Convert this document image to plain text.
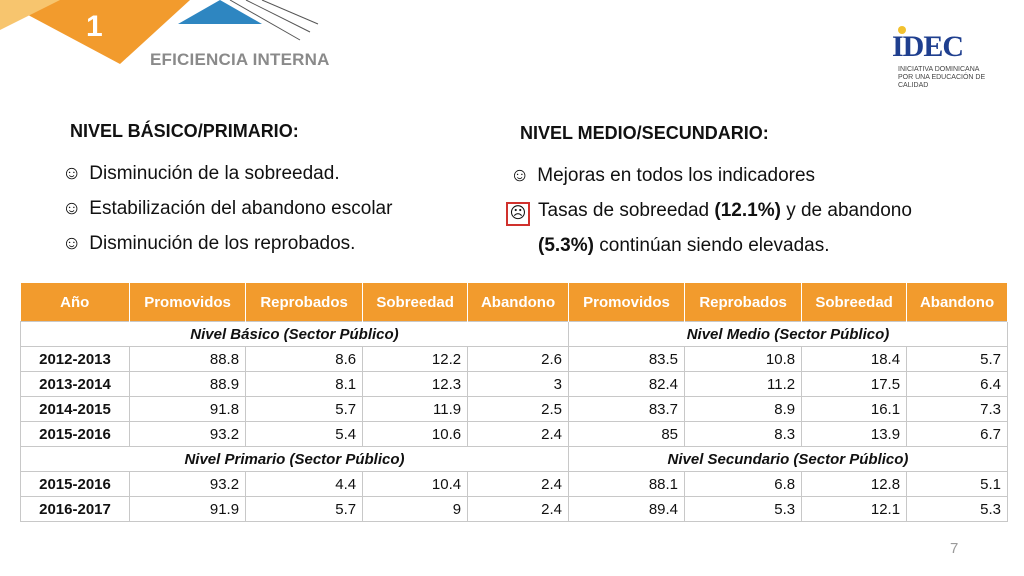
1
EFICIENCIA INTERNA	IDEC
INICIATIVA DOMINICANA
POR UNA EDUCACIÓN DE CALIDAD
NIVEL BÁSICO/PRIMARIO:
☺ Disminución de la sobreedad.
☺ Estabilización del abandono escolar
☺ Disminución de los reprobados.
NIVEL MEDIO/SECUNDARIO:
☺ Mejoras en todos los indicadores
☹ Tasas de sobreedad (12.1%) y de abandono
(5.3%) continúan siendo elevadas.
Año	Promovidos	Reprobados	Sobreedad	Abandono	Promovidos	Reprobados	Sobreedad	Abandono
Nivel Básico (Sector Público)					Nivel Medio (Sector Público)			
2012-2013	88.8	8.6	12.2	2.6	83.5	10.8	18.4	5.7
2013-2014	88.9	8.1	12.3	3	82.4	11.2	17.5	6.4
2014-2015	91.8	5.7	11.9	2.5	83.7	8.9	16.1	7.3
2015-2016	93.2	5.4	10.6	2.4	85	8.3	13.9	6.7
Nivel Primario (Sector Público)					Nivel Secundario (Sector Público)			
2015-2016	93.2	4.4	10.4	2.4	88.1	6.8	12.8	5.1
2016-2017	91.9	5.7	9	2.4	89.4	5.3	12.1	5.3
7
